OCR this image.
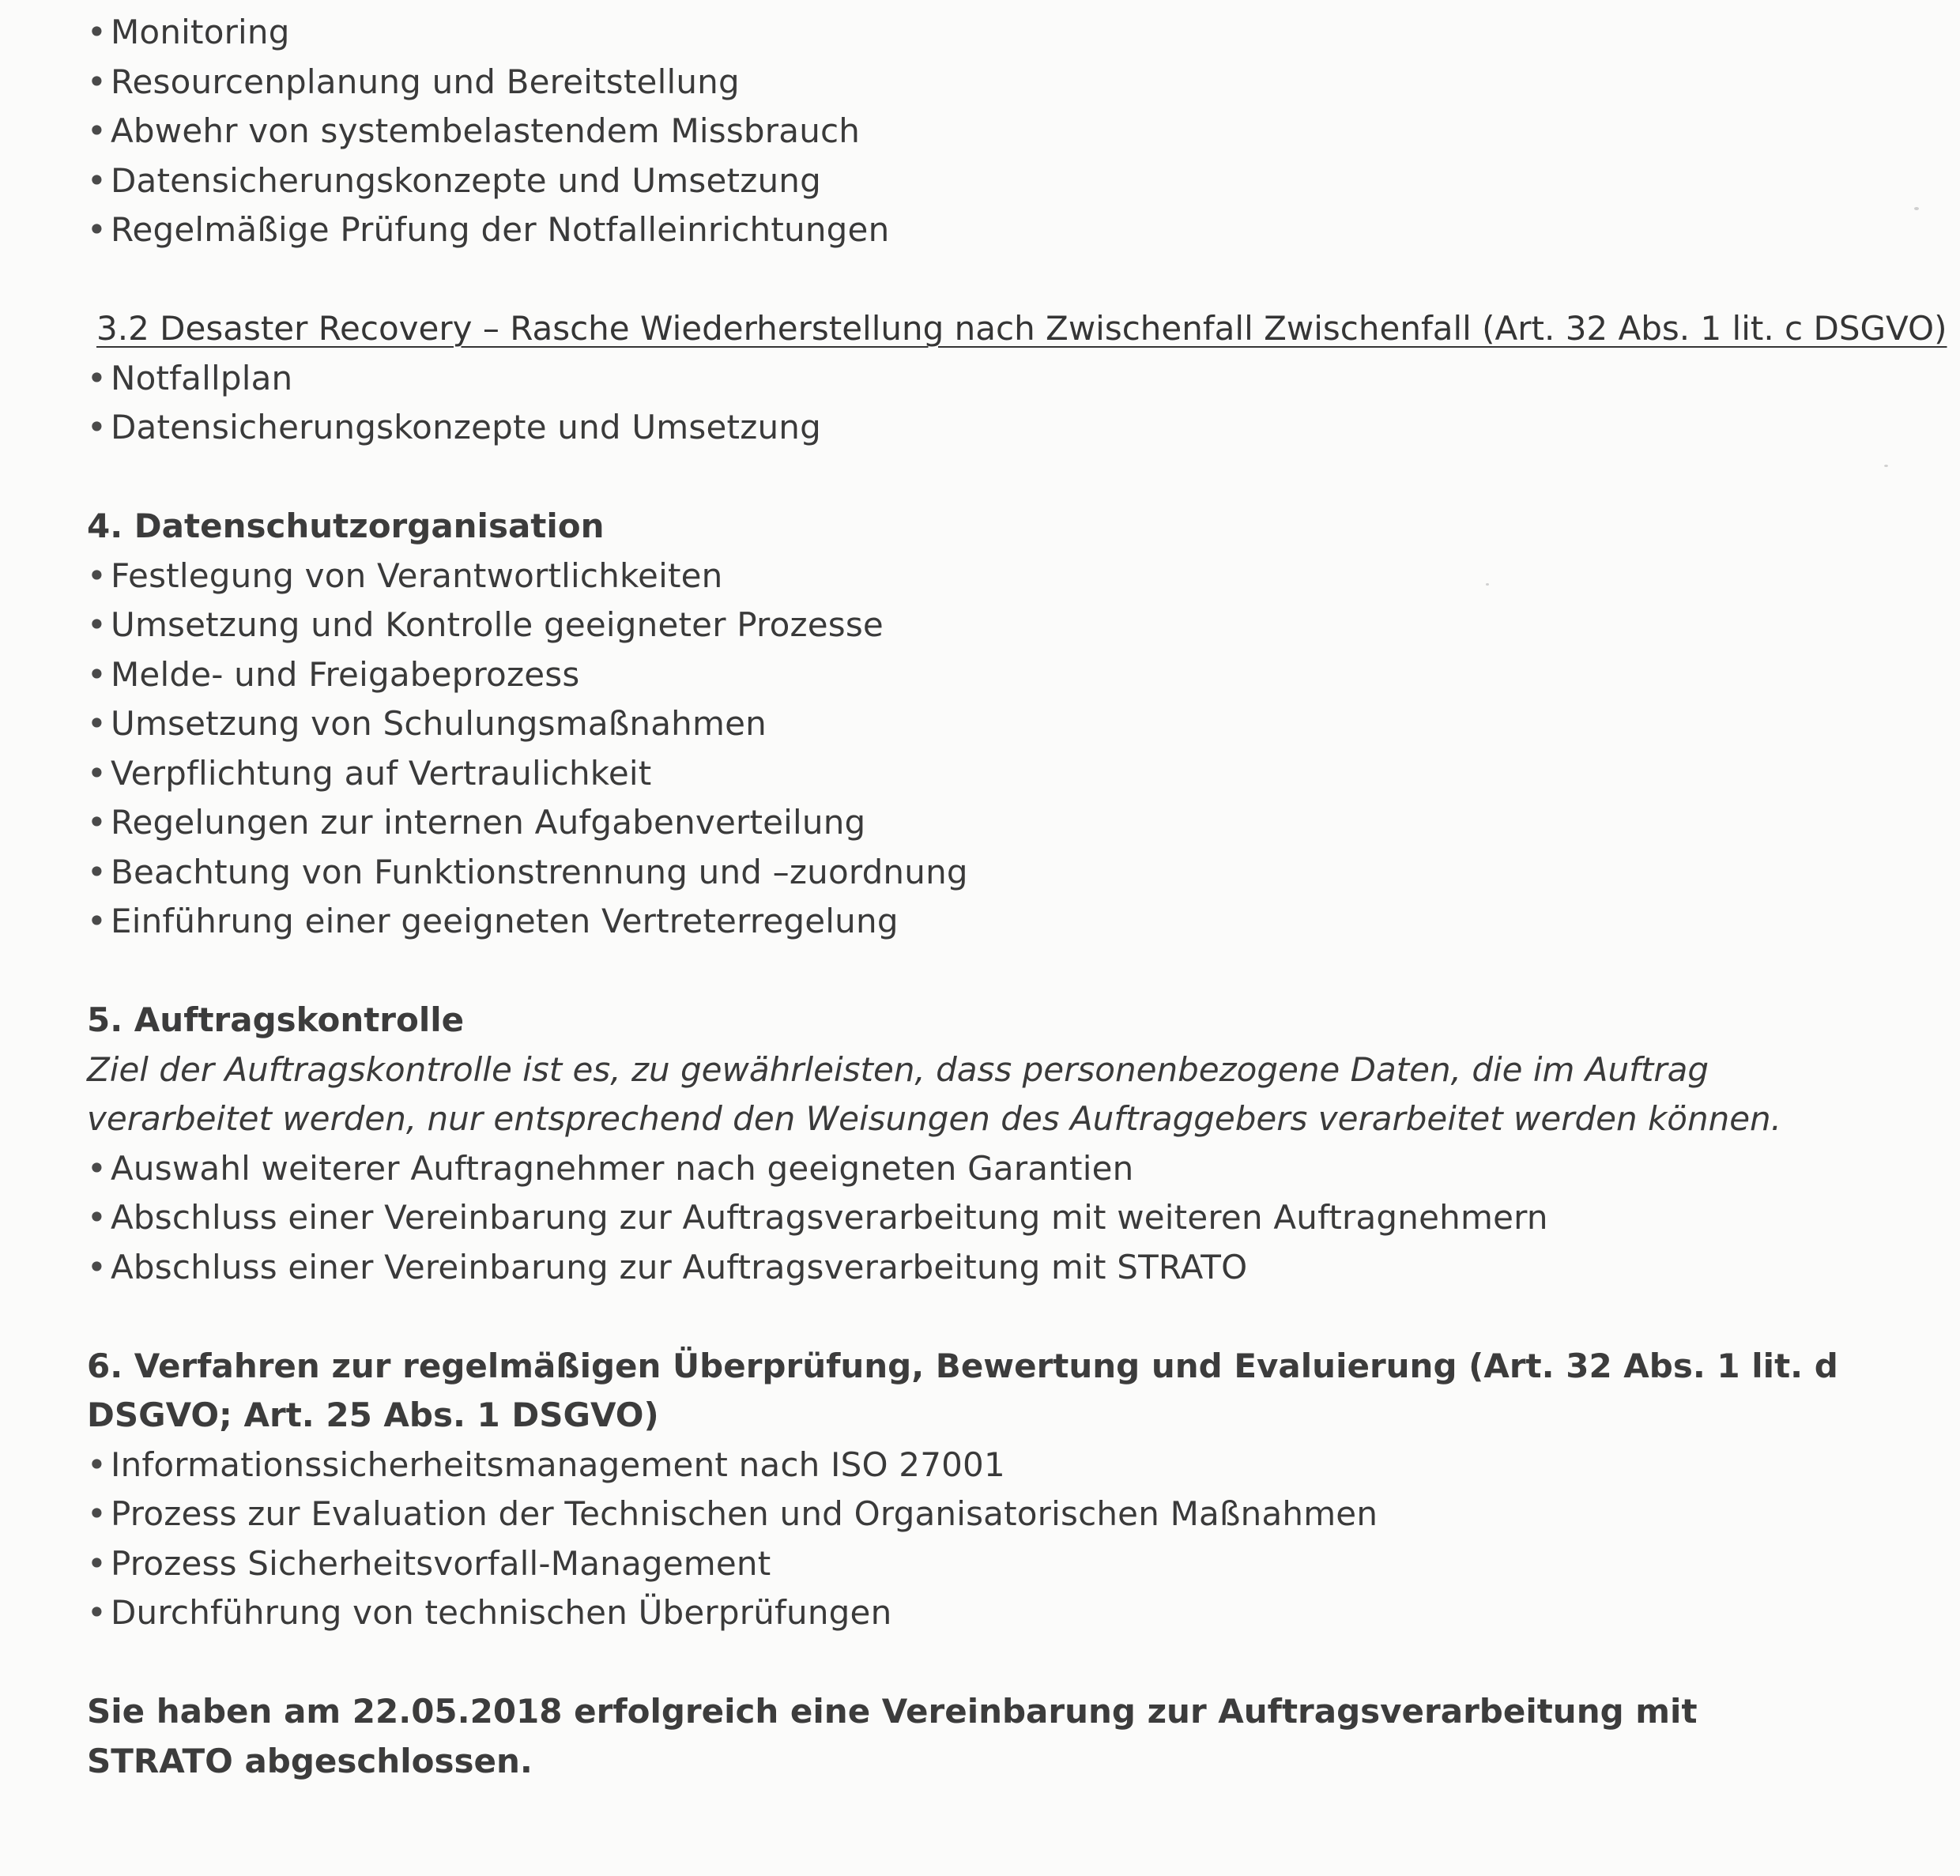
• Monitoring
• Resourcenplanung und Bereitstellung
• Abwehr von systembelastendem Missbrauch
• Datensicherungskonzepte und Umsetzung
• Regelmäßige Prüfung der Notfalleinrichtungen
3.2 Desaster Recovery – Rasche Wiederherstellung nach Zwischenfall Zwischenfall (Art. 32 Abs. 1 lit. c DSGVO)
• Notfallplan
• Datensicherungskonzepte und Umsetzung
4. Datenschutzorganisation
• Festlegung von Verantwortlichkeiten
• Umsetzung und Kontrolle geeigneter Prozesse
• Melde- und Freigabeprozess
• Umsetzung von Schulungsmaßnahmen
• Verpflichtung auf Vertraulichkeit
• Regelungen zur internen Aufgabenverteilung
• Beachtung von Funktionstrennung und –zuordnung
• Einführung einer geeigneten Vertreterregelung
5. Auftragskontrolle
Ziel der Auftragskontrolle ist es, zu gewährleisten, dass personenbezogene Daten, die im Auftrag verarbeitet werden, nur entsprechend den Weisungen des Auftraggebers verarbeitet werden können.
• Auswahl weiterer Auftragnehmer nach geeigneten Garantien
• Abschluss einer Vereinbarung zur Auftragsverarbeitung mit weiteren Auftragnehmern
• Abschluss einer Vereinbarung zur Auftragsverarbeitung mit STRATO
6. Verfahren zur regelmäßigen Überprüfung, Bewertung und Evaluierung (Art. 32 Abs. 1 lit. d DSGVO; Art. 25 Abs. 1 DSGVO)
• Informationssicherheitsmanagement nach ISO 27001
• Prozess zur Evaluation der Technischen und Organisatorischen Maßnahmen
• Prozess Sicherheitsvorfall-Management
• Durchführung von technischen Überprüfungen
Sie haben am 22.05.2018 erfolgreich eine Vereinbarung zur Auftragsverarbeitung mit STRATO abgeschlossen.
